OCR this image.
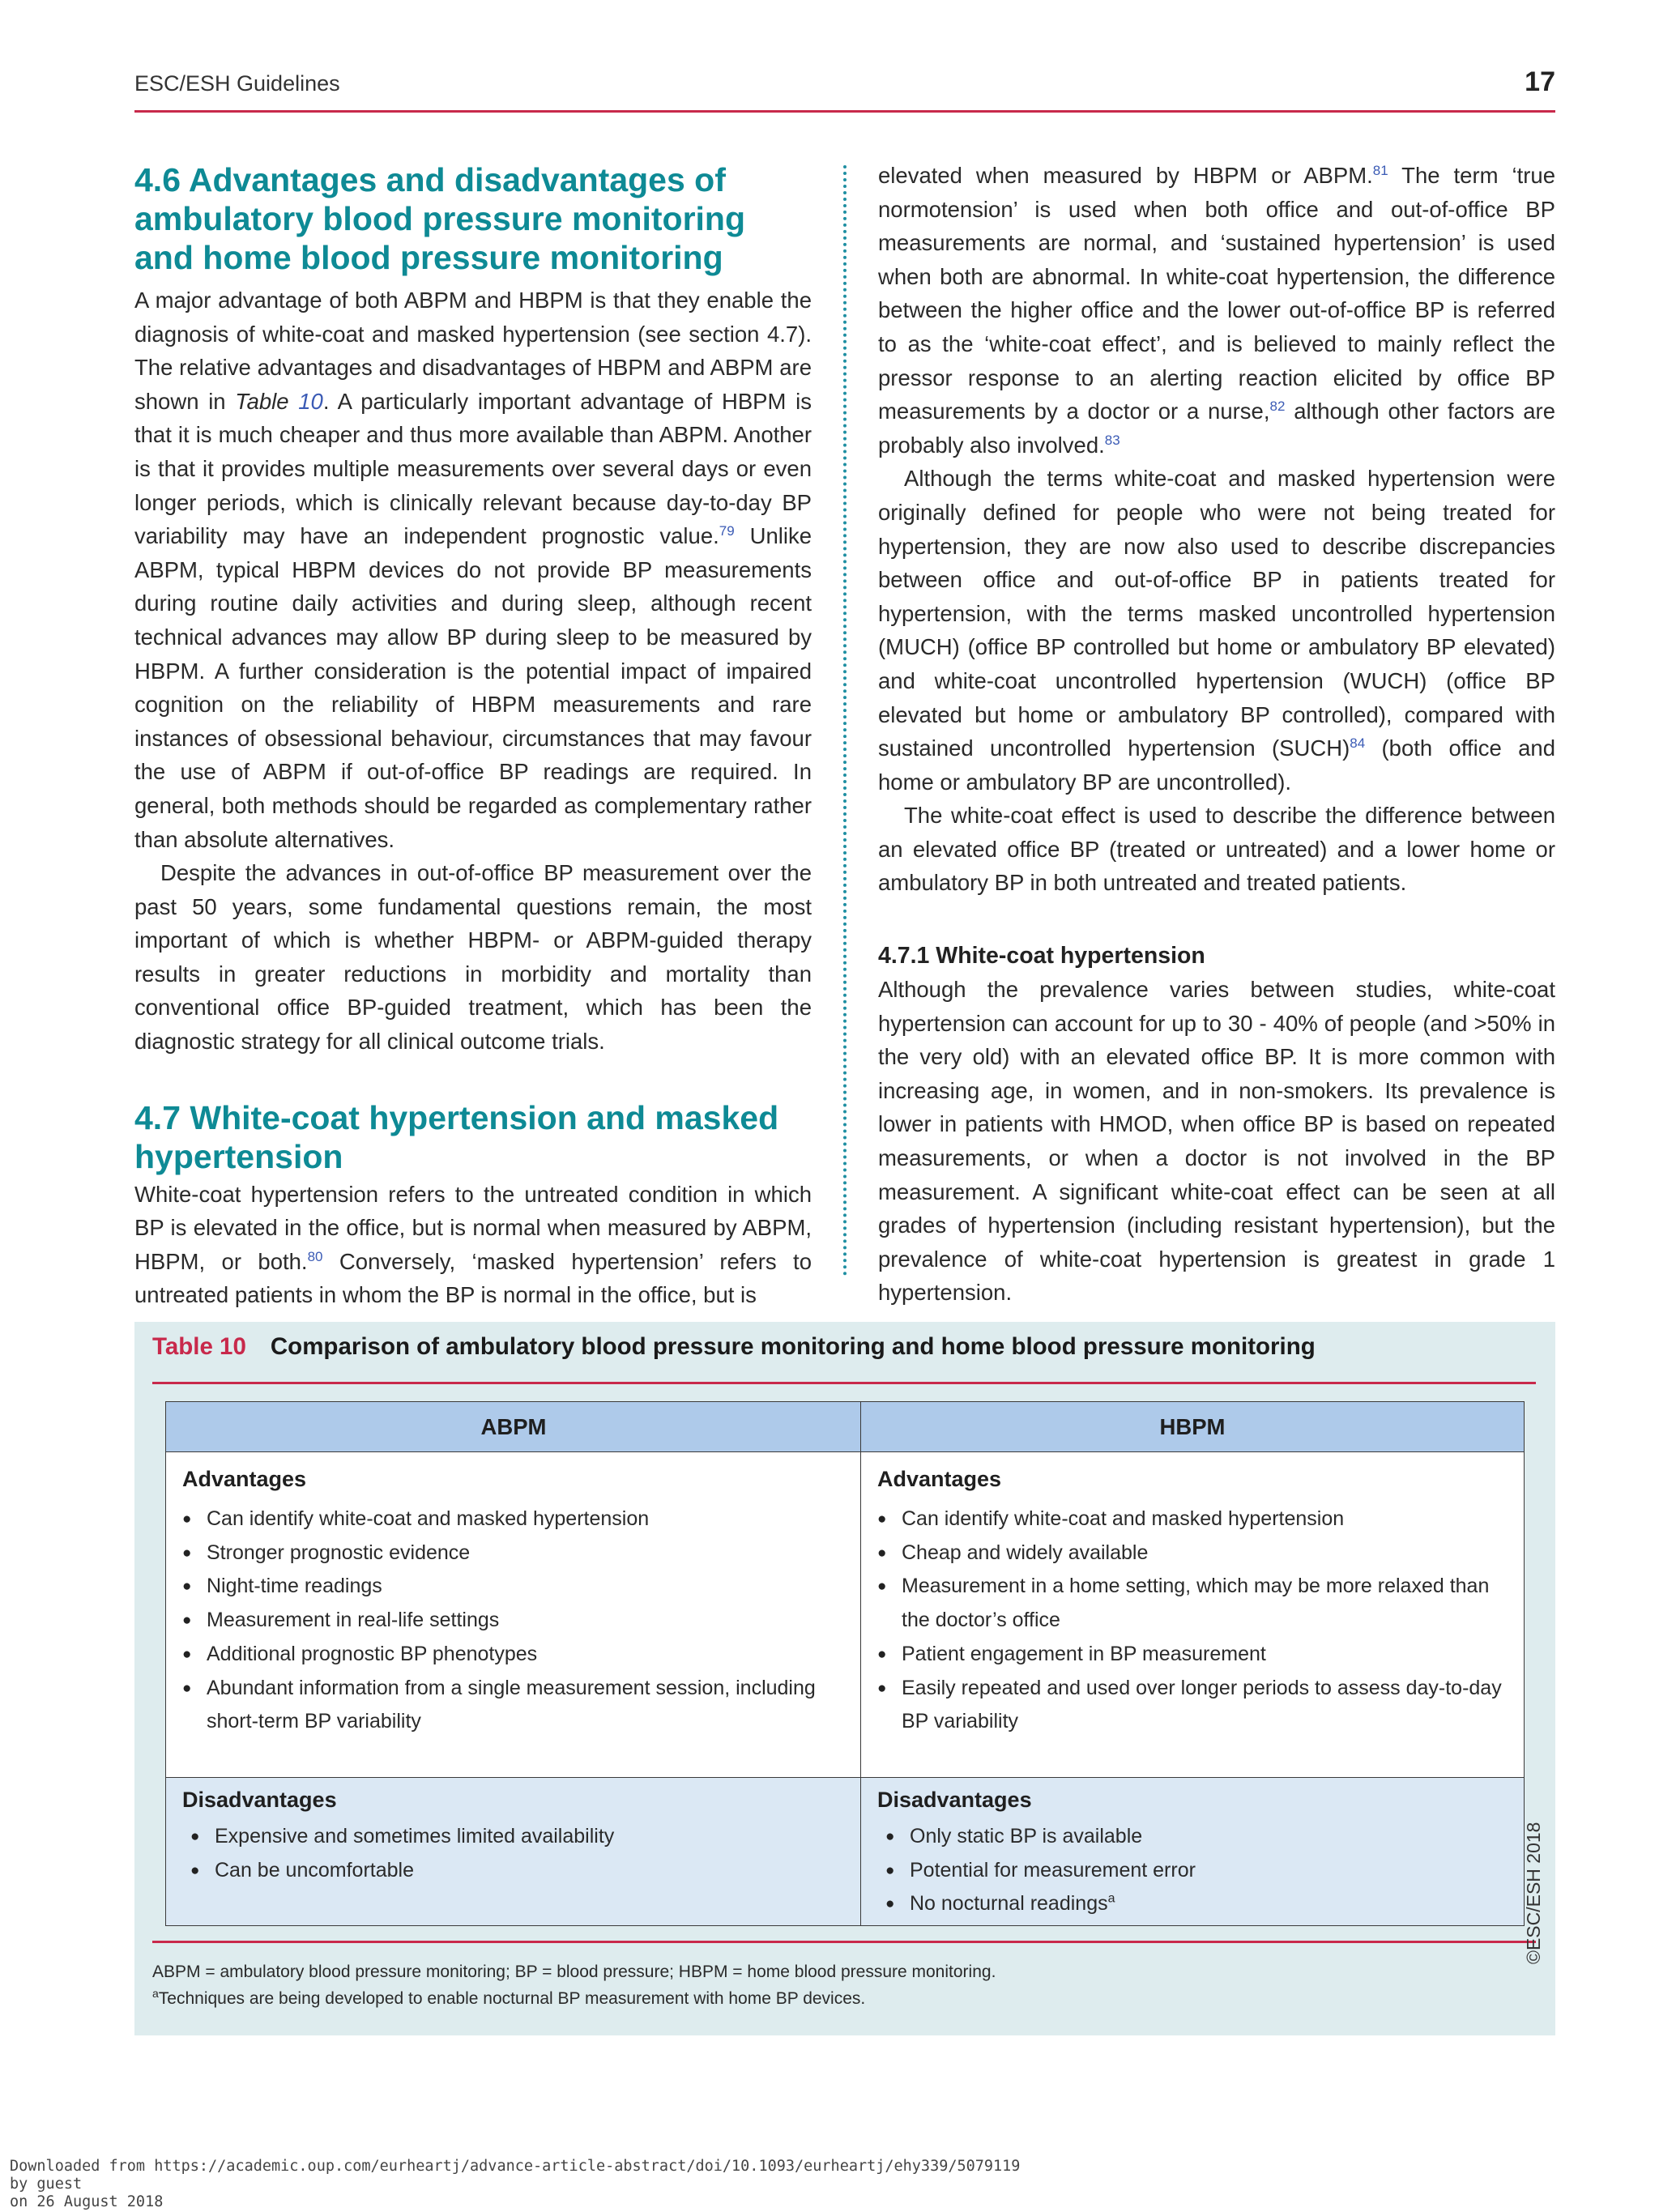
ESC/ESH Guidelines	17
4.6 Advantages and disadvantages of ambulatory blood pressure monitoring and home blood pressure monitoring

A major advantage of both ABPM and HBPM is that they enable the diagnosis of white-coat and masked hypertension (see section 4.7). The relative advantages and disadvantages of HBPM and ABPM are shown in Table 10. A particularly important advantage of HBPM is that it is much cheaper and thus more available than ABPM. Another is that it provides multiple measurements over several days or even longer periods, which is clinically relevant because day-to-day BP variability may have an independent prognostic value.$^{79}$ Unlike ABPM, typical HBPM devices do not provide BP measurements during routine daily activities and during sleep, although recent technical advances may allow BP during sleep to be measured by HBPM. A further consideration is the potential impact of impaired cognition on the reliability of HBPM measurements and rare instances of obsessional behaviour, circumstances that may favour the use of ABPM if out-of-office BP readings are required. In general, both methods should be regarded as complementary rather than absolute alternatives.

Despite the advances in out-of-office BP measurement over the past 50 years, some fundamental questions remain, the most important of which is whether HBPM- or ABPM-guided therapy results in greater reductions in morbidity and mortality than conventional office BP-guided treatment, which has been the diagnostic strategy for all clinical outcome trials.

4.7 White-coat hypertension and masked hypertension

White-coat hypertension refers to the untreated condition in which BP is elevated in the office, but is normal when measured by ABPM, HBPM, or both.$^{80}$ Conversely, ‘masked hypertension’ refers to untreated patients in whom the BP is normal in the office, but is

elevated when measured by HBPM or ABPM.$^{81}$ The term ‘true normotension’ is used when both office and out-of-office BP measurements are normal, and ‘sustained hypertension’ is used when both are abnormal. In white-coat hypertension, the difference between the higher office and the lower out-of-office BP is referred to as the ‘white-coat effect’, and is believed to mainly reflect the pressor response to an alerting reaction elicited by office BP measurements by a doctor or a nurse,$^{82}$ although other factors are probably also involved.$^{83}$

Although the terms white-coat and masked hypertension were originally defined for people who were not being treated for hypertension, they are now also used to describe discrepancies between office and out-of-office BP in patients treated for hypertension, with the terms masked uncontrolled hypertension (MUCH) (office BP controlled but home or ambulatory BP elevated) and white-coat uncontrolled hypertension (WUCH) (office BP elevated but home or ambulatory BP controlled), compared with sustained uncontrolled hypertension (SUCH)$^{84}$ (both office and home or ambulatory BP are uncontrolled).

The white-coat effect is used to describe the difference between an elevated office BP (treated or untreated) and a lower home or ambulatory BP in both untreated and treated patients.

4.7.1 White-coat hypertension

Although the prevalence varies between studies, white-coat hypertension can account for up to 30 - 40% of people (and >50% in the very old) with an elevated office BP. It is more common with increasing age, in women, and in non-smokers. Its prevalence is lower in patients with HMOD, when office BP is based on repeated measurements, or when a doctor is not involved in the BP measurement. A significant white-coat effect can be seen at all grades of hypertension (including resistant hypertension), but the prevalence of white-coat hypertension is greatest in grade 1 hypertension.

Table 10 Comparison of ambulatory blood pressure monitoring and home blood pressure monitoring
ABPM	HBPM
Advantages
● Can identify white-coat and masked hypertension
● Stronger prognostic evidence
● Night-time readings
● Measurement in real-life settings
● Additional prognostic BP phenotypes
● Abundant information from a single measurement session, including short-term BP variability
Advantages
● Can identify white-coat and masked hypertension
● Cheap and widely available
● Measurement in a home setting, which may be more relaxed than the doctor’s office
● Patient engagement in BP measurement
● Easily repeated and used over longer periods to assess day-to-day BP variability
Disadvantages
● Expensive and sometimes limited availability
● Can be uncomfortable
Disadvantages
● Only static BP is available
● Potential for measurement error
● No nocturnal readings$^a$
ABPM = ambulatory blood pressure monitoring; BP = blood pressure; HBPM = home blood pressure monitoring.
$^a$Techniques are being developed to enable nocturnal BP measurement with home BP devices.
©ESC/ESH 2018
Downloaded from https://academic.oup.com/eurheartj/advance-article-abstract/doi/10.1093/eurheartj/ehy339/5079119
by guest
on 26 August 2018
